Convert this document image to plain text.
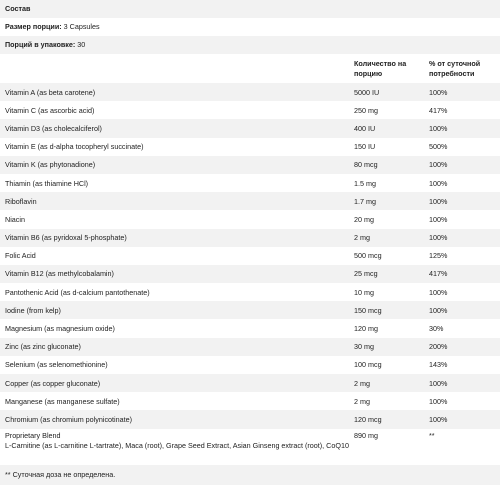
Состав
Размер порции: 3 Capsules
Порций в упаковке: 30
	Количество на порцию	% от суточной потребности
Vitamin A (as beta carotene)	5000 IU	100%
Vitamin C (as ascorbic acid)	250 mg	417%
Vitamin D3 (as cholecalciferol)	400 IU	100%
Vitamin E (as d-alpha tocopheryl succinate)	150 IU	500%
Vitamin K (as phytonadione)	80 mcg	100%
Thiamin (as thiamine HCl)	1.5 mg	100%
Riboflavin	1.7 mg	100%
Niacin	20 mg	100%
Vitamin B6 (as pyridoxal 5-phosphate)	2 mg	100%
Folic Acid	500 mcg	125%
Vitamin B12 (as methylcobalamin)	25 mcg	417%
Pantothenic Acid (as d-calcium pantothenate)	10 mg	100%
Iodine (from kelp)	150 mcg	100%
Magnesium (as magnesium oxide)	120 mg	30%
Zinc (as zinc gluconate)	30 mg	200%
Selenium (as selenomethionine)	100 mcg	143%
Copper (as copper gluconate)	2 mg	100%
Manganese (as manganese sulfate)	2 mg	100%
Chromium (as chromium polynicotinate)	120 mcg	100%
Proprietary Blend
L-Carnitine (as L-carnitine L-tartrate), Maca (root), Grape Seed Extract, Asian Ginseng extract (root), CoQ10	890 mg	**
** Суточная доза не определена.
